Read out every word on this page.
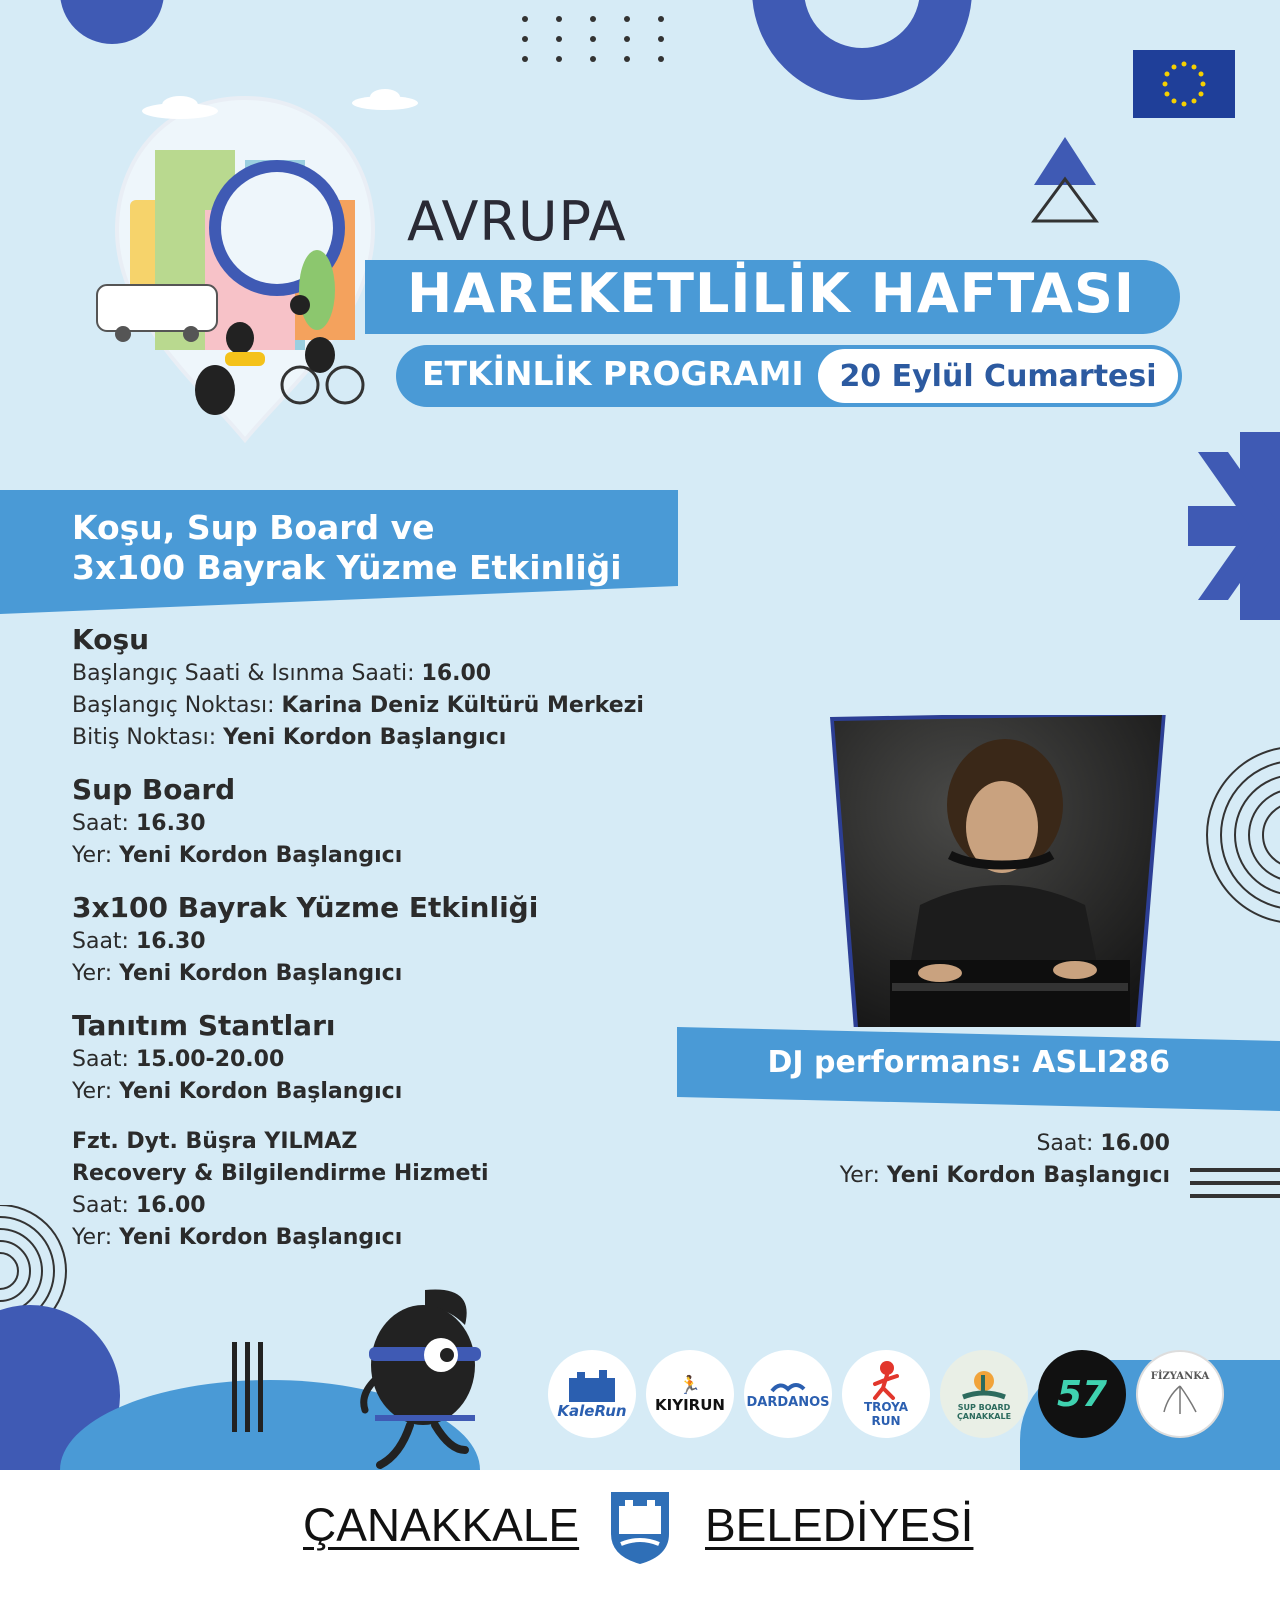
AVRUPA
HAREKETLİLİK HAFTASI
ETKİNLİK PROGRAMI 20 Eylül Cumartesi
Koşu, Sup Board ve
3x100 Bayrak Yüzme Etkinliği
Koşu
Başlangıç Saati & Isınma Saati: 16.00
Başlangıç Noktası: Karina Deniz Kültürü Merkezi
Bitiş Noktası: Yeni Kordon Başlangıcı
Sup Board
Saat: 16.30
Yer: Yeni Kordon Başlangıcı
3x100 Bayrak Yüzme Etkinliği
Saat: 16.30
Yer: Yeni Kordon Başlangıcı
Tanıtım Stantları
Saat: 15.00-20.00
Yer: Yeni Kordon Başlangıcı
Fzt. Dyt. Büşra YILMAZ
Recovery & Bilgilendirme Hizmeti
Saat: 16.00
Yer: Yeni Kordon Başlangıcı
DJ performans: ASLI286
Saat: 16.00
Yer: Yeni Kordon Başlangıcı
KaleRun
🏃
KIYIRUN DARDANOS	TROYA RUN
SUP BOARD ÇANAKKALE
57	FİZYANKA
ÇANAKKALE	BELEDİYESİ
